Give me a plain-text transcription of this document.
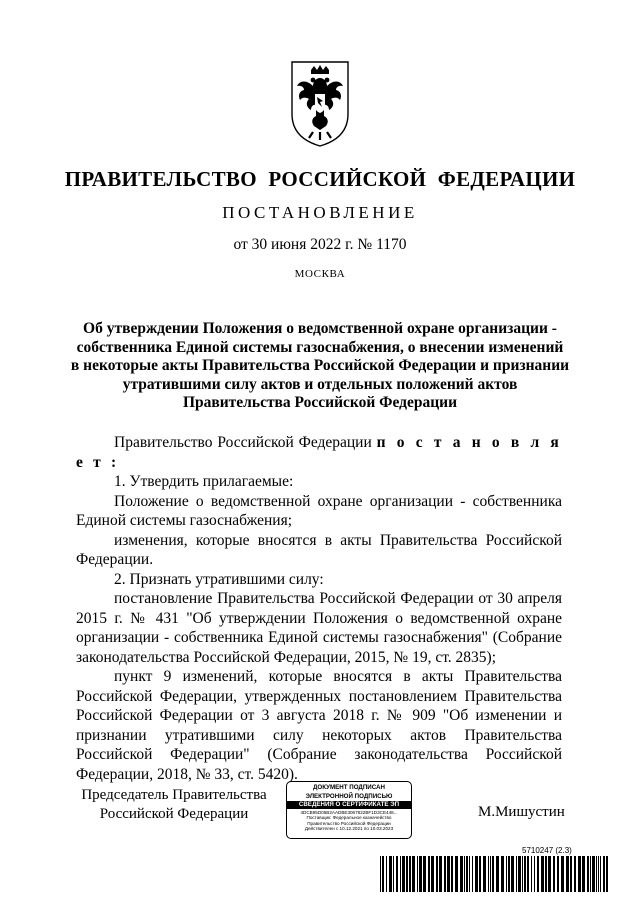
ПРАВИТЕЛЬСТВО РОССИЙСКОЙ ФЕДЕРАЦИИ
ПОСТАНОВЛЕНИЕ
от 30 июня 2022 г. № 1170
МОСКВА
Об утверждении Положения о ведомственной охране организации -
собственника Единой системы газоснабжения, о внесении изменений
в некоторые акты Правительства Российской Федерации и признании
утратившими силу актов и отдельных положений актов
Правительства Российской Федерации

Правительство Российской Федерации п о с т а н о в л я е т :

1. Утвердить прилагаемые:

Положение о ведомственной охране организации - собственника Единой системы газоснабжения;

изменения, которые вносятся в акты Правительства Российской Федерации.

2. Признать утратившими силу:

постановление Правительства Российской Федерации от 30 апреля 2015 г. № 431 "Об утверждении Положения о ведомственной охране организации - собственника Единой системы газоснабжения" (Собрание законодательства Российской Федерации, 2015, № 19, ст. 2835);

пункт 9 изменений, которые вносятся в акты Правительства Российской Федерации, утвержденных постановлением Правительства Российской Федерации от 3 августа 2018 г. № 909 "Об изменении и признании утратившими силу некоторых актов Правительства Российской Федерации" (Собрание законодательства Российской Федерации, 2018, № 33, ст. 5420).

Председатель Правительства
Российской Федерации
ДОКУМЕНТ ПОДПИСАН
ЭЛЕКТРОННОЙ ПОДПИСЬЮ
СВЕДЕНИЯ О СЕРТИФИКАТЕ ЭП
4DCB95D05B2AADBE3067822BF1D3CE448...
Поставщик: Федеральное казначейство
Правительство Российской Федерации
Действителен с 10.12.2021 по 10.03.2023
М.Мишустин
5710247 (2.3)
